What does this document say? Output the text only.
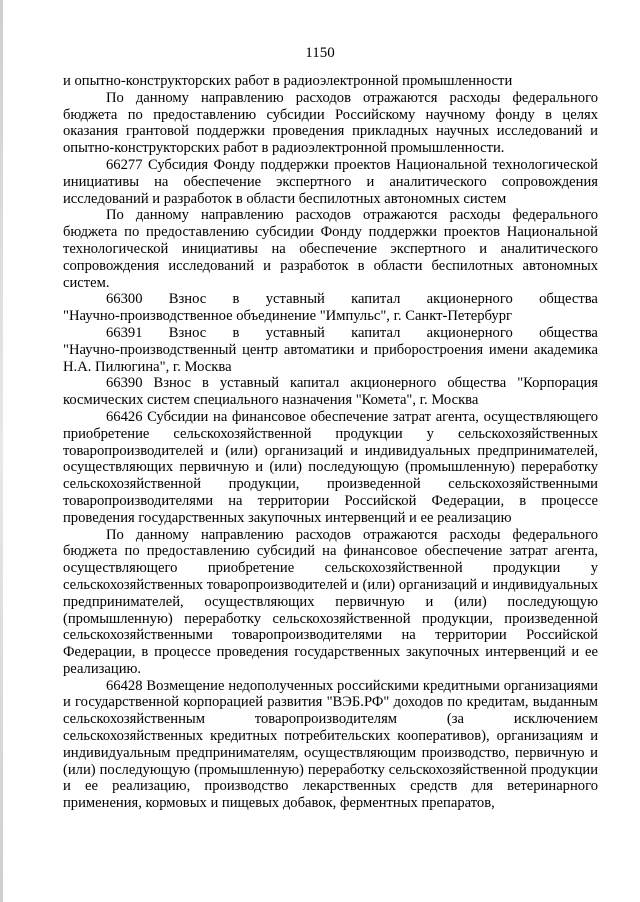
1150

и опытно-конструкторских работ в радиоэлектронной промышленности

По данному направлению расходов отражаются расходы федерального бюджета по предоставлению субсидии Российскому научному фонду в целях оказания грантовой поддержки проведения прикладных научных исследований и опытно-конструкторских работ в радиоэлектронной промышленности.

66277 Субсидия Фонду поддержки проектов Национальной технологической инициативы на обеспечение экспертного и аналитического сопровождения исследований и разработок в области беспилотных автономных систем

По данному направлению расходов отражаются расходы федерального бюджета по предоставлению субсидии Фонду поддержки проектов Национальной технологической инициативы на обеспечение экспертного и аналитического сопровождения исследований и разработок в области беспилотных автономных систем.

66300 Взнос в уставный капитал акционерного общества

"Научно-производственное объединение "Импульс", г. Санкт-Петербург

66391 Взнос в уставный капитал акционерного общества

"Научно-производственный центр автоматики и приборостроения имени академика Н.А. Пилюгина", г. Москва

66390 Взнос в уставный капитал акционерного общества "Корпорация космических систем специального назначения "Комета", г. Москва

66426 Субсидии на финансовое обеспечение затрат агента, осуществляющего приобретение сельскохозяйственной продукции у сельскохозяйственных товаропроизводителей и (или) организаций и индивидуальных предпринимателей, осуществляющих первичную и (или) последующую (промышленную) переработку сельскохозяйственной продукции, произведенной сельскохозяйственными товаропроизводителями на территории Российской Федерации, в процессе проведения государственных закупочных интервенций и ее реализацию

По данному направлению расходов отражаются расходы федерального бюджета по предоставлению субсидий на финансовое обеспечение затрат агента, осуществляющего приобретение сельскохозяйственной продукции у сельскохозяйственных товаропроизводителей и (или) организаций и индивидуальных предпринимателей, осуществляющих первичную и (или) последующую (промышленную) переработку сельскохозяйственной продукции, произведенной сельскохозяйственными товаропроизводителями на территории Российской Федерации, в процессе проведения государственных закупочных интервенций и ее реализацию.

66428 Возмещение недополученных российскими кредитными организациями и государственной корпорацией развития "ВЭБ.РФ" доходов по кредитам, выданным сельскохозяйственным товаропроизводителям (за исключением сельскохозяйственных кредитных потребительских кооперативов), организациям и индивидуальным предпринимателям, осуществляющим производство, первичную и (или) последующую (промышленную) переработку сельскохозяйственной продукции и ее реализацию, производство лекарственных средств для ветеринарного применения, кормовых и пищевых добавок, ферментных препаратов,
